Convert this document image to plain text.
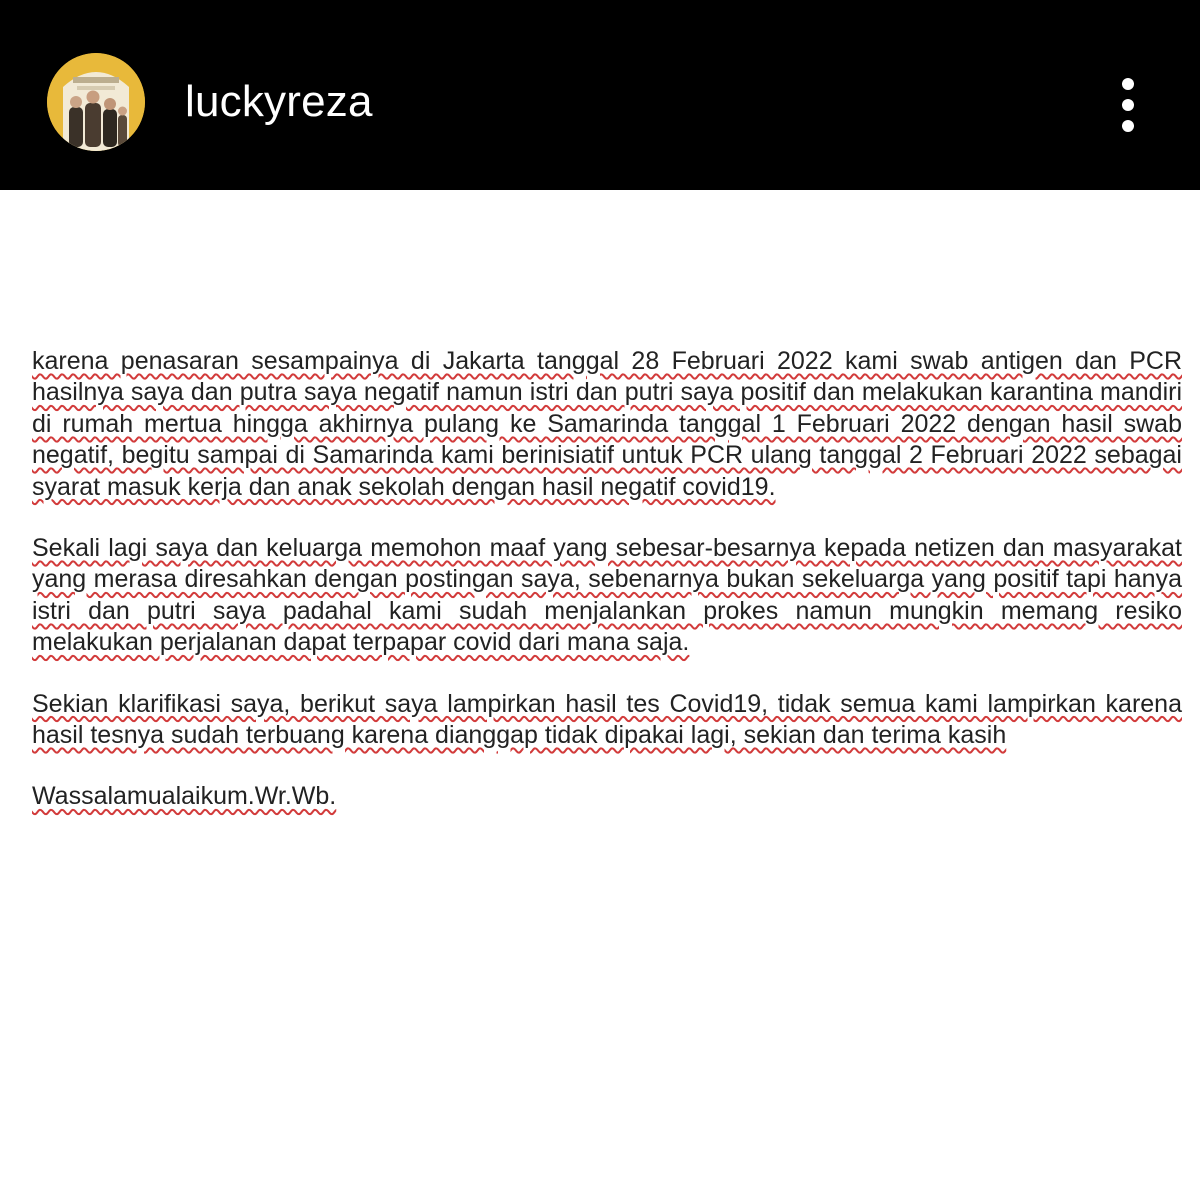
luckyreza

karena penasaran sesampainya di Jakarta tanggal 28 Februari 2022 kami swab antigen dan PCR hasilnya saya dan putra saya negatif namun istri dan putri saya positif dan melakukan karantina mandiri di rumah mertua hingga akhirnya pulang ke Samarinda tanggal 1 Februari 2022 dengan hasil swab negatif, begitu sampai di Samarinda kami berinisiatif untuk PCR ulang tanggal 2 Februari 2022 sebagai syarat masuk kerja dan anak sekolah dengan hasil negatif covid19.

Sekali lagi saya dan keluarga memohon maaf yang sebesar-besarnya kepada netizen dan masyarakat yang merasa diresahkan dengan postingan saya, sebenarnya bukan sekeluarga yang positif tapi hanya istri dan putri saya padahal kami sudah menjalankan prokes namun mungkin memang resiko melakukan perjalanan dapat terpapar covid dari mana saja.

Sekian klarifikasi saya, berikut saya lampirkan hasil tes Covid19, tidak semua kami lampirkan karena hasil tesnya sudah terbuang karena dianggap tidak dipakai lagi, sekian dan terima kasih

Wassalamualaikum.Wr.Wb.
